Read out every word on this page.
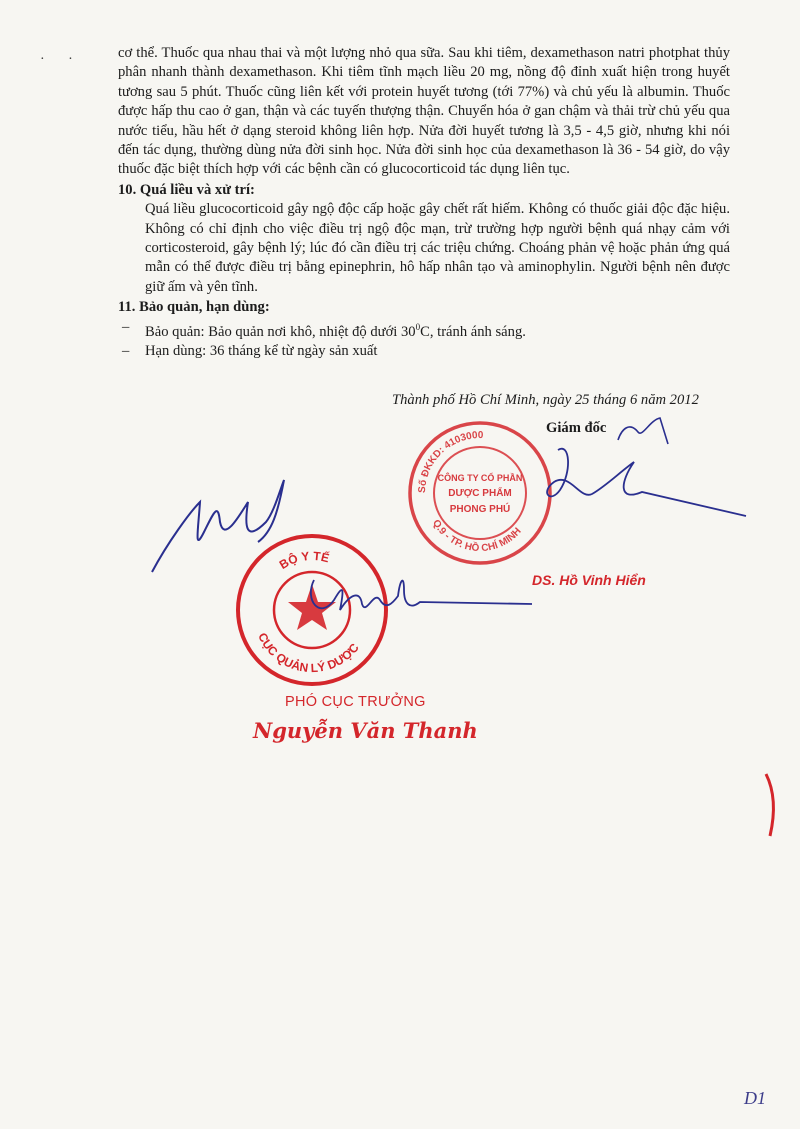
· · cơ thể. Thuốc qua nhau thai và một lượng nhỏ qua sữa. Sau khi tiêm, dexamethason natri photphat thủy phân nhanh thành dexamethason. Khi tiêm tĩnh mạch liều 20 mg, nồng độ đỉnh xuất hiện trong huyết tương sau 5 phút. Thuốc cũng liên kết với protein huyết tương (tới 77%) và chủ yếu là albumin. Thuốc được hấp thu cao ở gan, thận và các tuyến thượng thận. Chuyển hóa ở gan chậm và thải trừ chủ yếu qua nước tiểu, hầu hết ở dạng steroid không liên hợp. Nửa đời huyết tương là 3,5 - 4,5 giờ, nhưng khi nói đến tác dụng, thường dùng nửa đời sinh học. Nửa đời sinh học của dexamethason là 36 - 54 giờ, do vậy thuốc đặc biệt thích hợp với các bệnh cần có glucocorticoid tác dụng liên tục.

10. Quá liều và xử trí:

Quá liều glucocorticoid gây ngộ độc cấp hoặc gây chết rất hiếm. Không có thuốc giải độc đặc hiệu. Không có chỉ định cho việc điều trị ngộ độc mạn, trừ trường hợp người bệnh quá nhạy cảm với corticosteroid, gây bệnh lý; lúc đó cần điều trị các triệu chứng. Choáng phản vệ hoặc phản ứng quá mẫn có thể được điều trị bằng epinephrin, hô hấp nhân tạo và aminophylin. Người bệnh nên được giữ ấm và yên tĩnh.

11. Bảo quản, hạn dùng:
– Bảo quản: Bảo quản nơi khô, nhiệt độ dưới $30^0C$, tránh ánh sáng.
– Hạn dùng: 36 tháng kể từ ngày sản xuất
Thành phố Hồ Chí Minh, ngày 25 tháng 6 năm 2012
Giám đốc
Số ĐKKD: 4103000
Q.9 - TP. HỒ CHÍ MINH
CÔNG TY CỔ PHẦN
DƯỢC PHẨM
PHONG PHÚ
DS. Hồ Vinh Hiển
BỘ Y TẾ
CỤC QUẢN LÝ DƯỢC
PHÓ CỤC TRƯỞNG
Nguyễn Văn Thanh
D1
